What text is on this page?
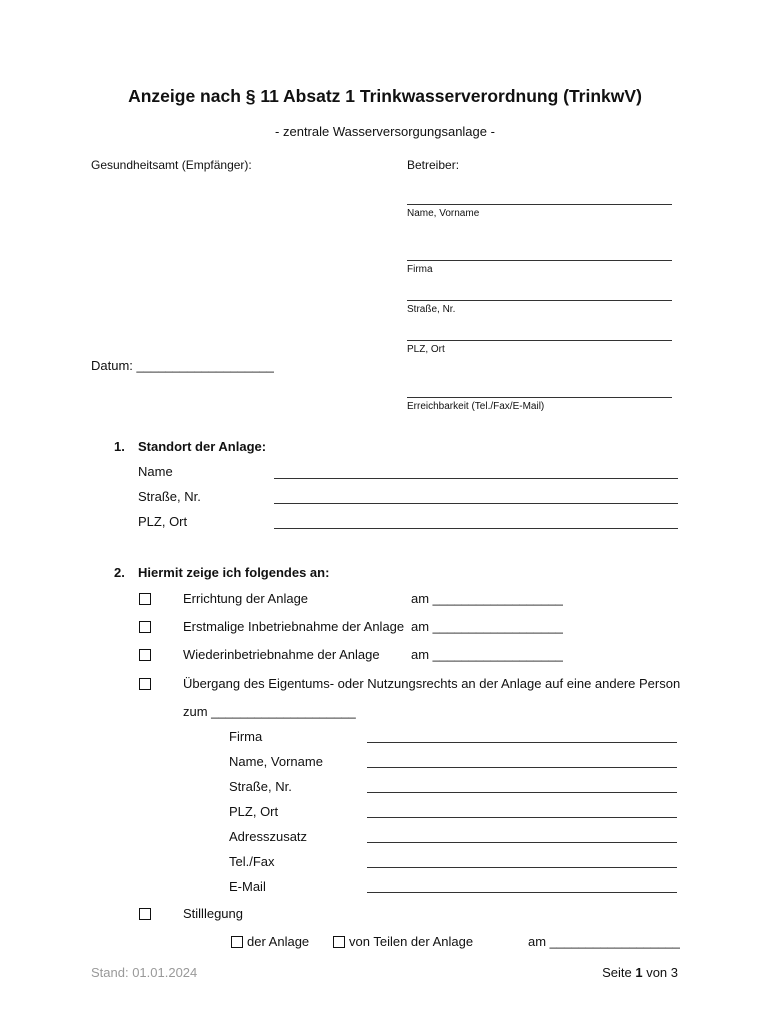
Anzeige nach § 11 Absatz 1 Trinkwasserverordnung (TrinkwV)
- zentrale Wasserversorgungsanlage -
Gesundheitsamt (Empfänger):	Betreiber:
Name, Vorname
Firma
Straße, Nr.
PLZ, Ort
Erreichbarkeit (Tel./Fax/E-Mail)
Datum: ___________________
1. Standort der Anlage:
Name
Straße, Nr.
PLZ, Ort
2. Hiermit zeige ich folgendes an:
Errichtung der Anlage	am __________________
Erstmalige Inbetriebnahme der Anlage am __________________
Wiederinbetriebnahme der Anlage am __________________
Übergang des Eigentums- oder Nutzungsrechts an der Anlage auf eine andere Person
zum ____________________
Firma
Name, Vorname
Straße, Nr.
PLZ, Ort
Adresszusatz
Tel./Fax
E-Mail
Stilllegung
der Anlage	von Teilen der Anlage	am __________________
Stand: 01.01.2024	Seite 1 von 3
